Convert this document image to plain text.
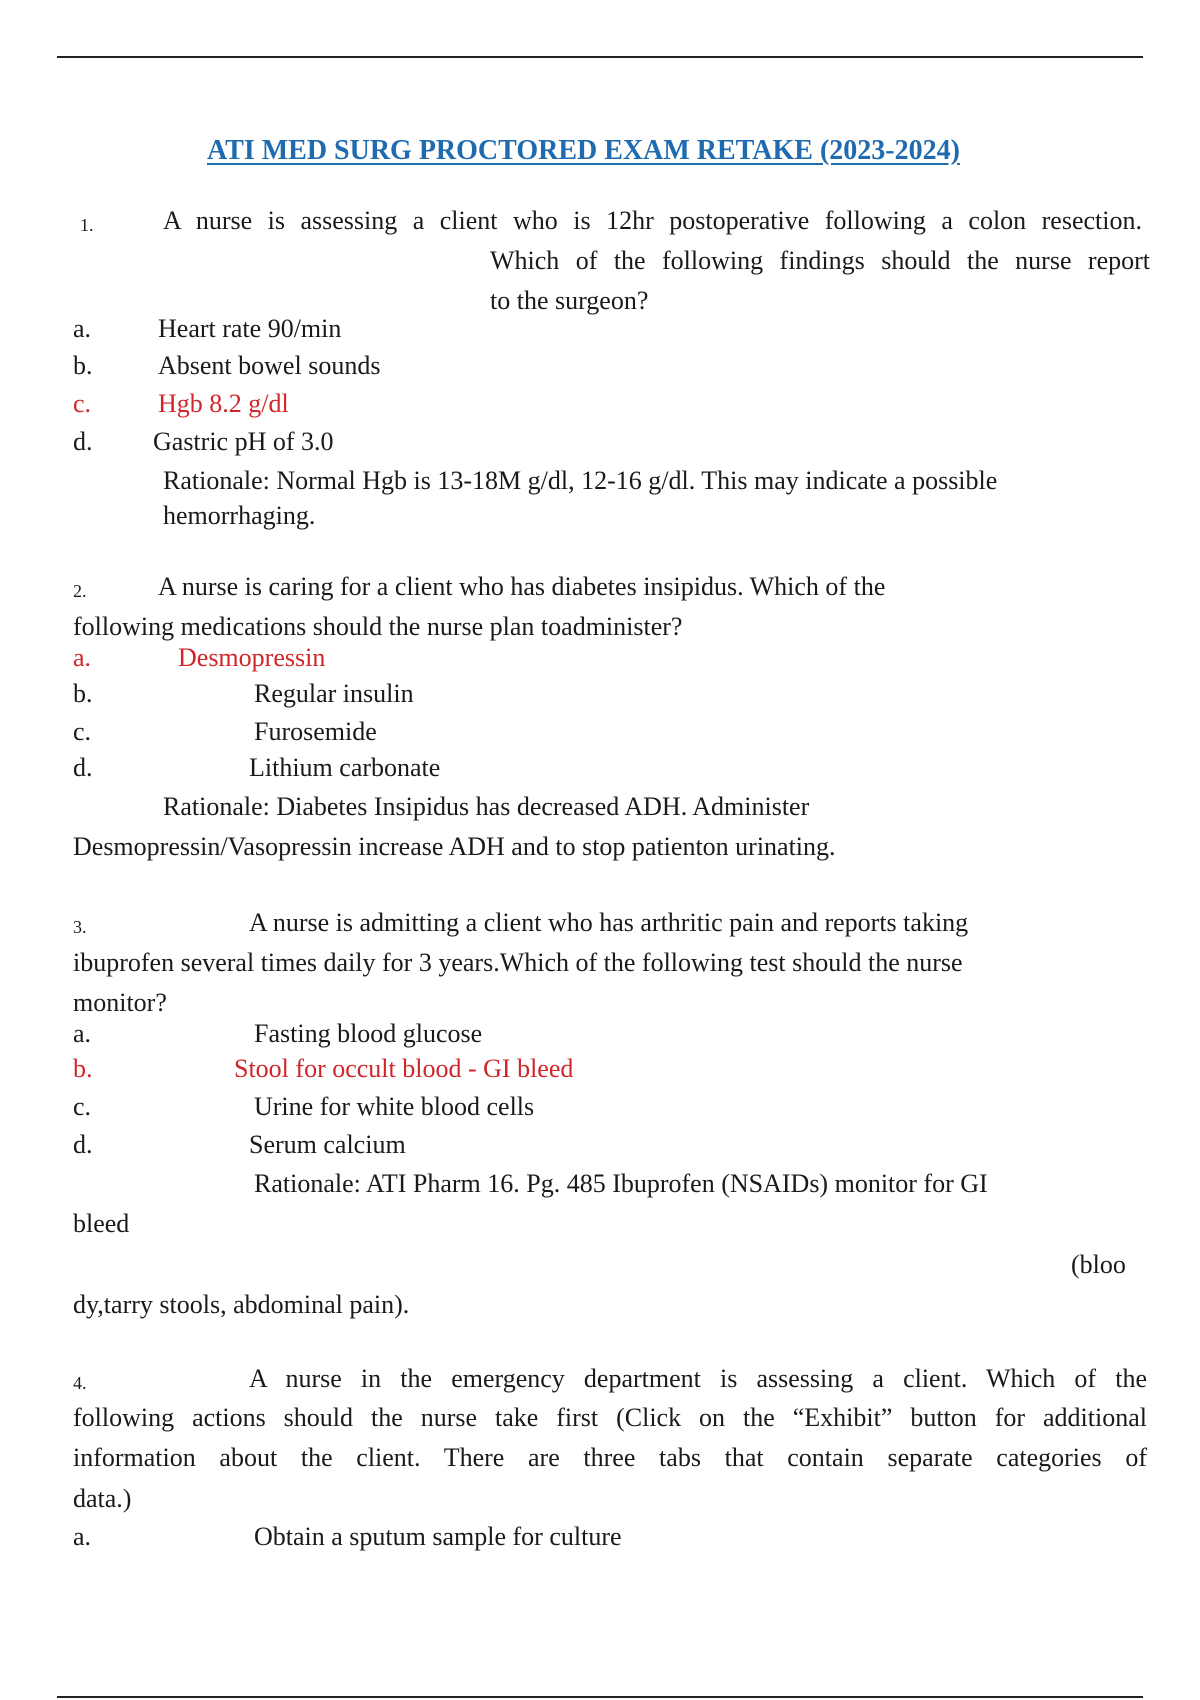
ATI MED SURG PROCTORED EXAM RETAKE (2023-2024)
1.	A nurse is assessing a client who is 12hr postoperative following a colon resection.
Which of the following findings should the nurse report
to the surgeon?
a.	Heart rate 90/min
b.	Absent bowel sounds
c.	Hgb 8.2 g/dl
d. Gastric pH of 3.0
Rationale: Normal Hgb is 13-18M g/dl, 12-16 g/dl. This may indicate a possible
hemorrhaging.
2.	A nurse is caring for a client who has diabetes insipidus. Which of the
following medications should the nurse plan toadminister?
a.	Desmopressin
b.	Regular insulin
c.	Furosemide
d.	Lithium carbonate
Rationale: Diabetes Insipidus has decreased ADH. Administer
Desmopressin/Vasopressin increase ADH and to stop patienton urinating.
3.	A nurse is admitting a client who has arthritic pain and reports taking
ibuprofen several times daily for 3 years.Which of the following test should the nurse
monitor?
a.	Fasting blood glucose
b.	Stool for occult blood - GI bleed
c.	Urine for white blood cells
d.	Serum calcium
Rationale: ATI Pharm 16. Pg. 485 Ibuprofen (NSAIDs) monitor for GI
bleed
(bloo
dy,tarry stools, abdominal pain).
4.	A nurse in the emergency department is assessing a client. Which of the
following actions should the nurse take first (Click on the “Exhibit” button for additional
information about the client. There are three tabs that contain separate categories of
data.)
a.	Obtain a sputum sample for culture
